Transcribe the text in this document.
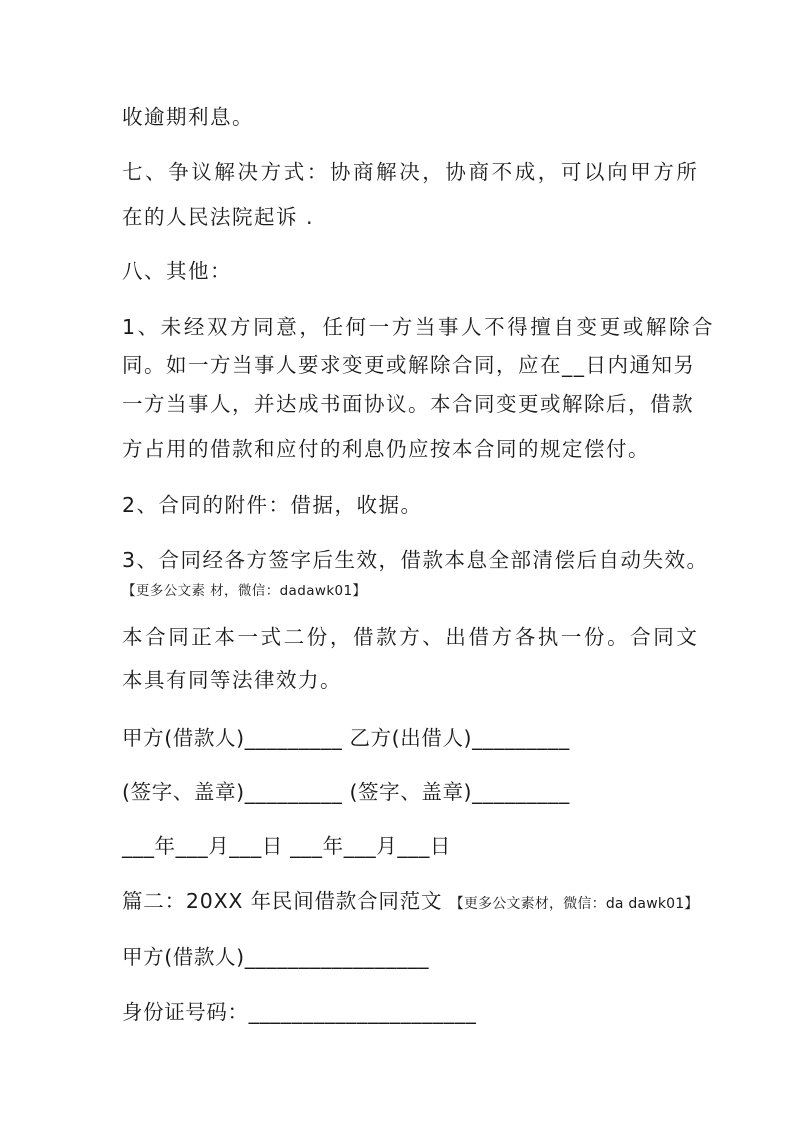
收逾期利息。
七、争议解决方式：协商解决，协商不成，可以向甲方所
在的人民法院起诉 .
八、其他：
1、未经双方同意，任何一方当事人不得擅自变更或解除合
同。如一方当事人要求变更或解除合同，应在__日内通知另
一方当事人，并达成书面协议。本合同变更或解除后，借款
方占用的借款和应付的利息仍应按本合同的规定偿付。
2、合同的附件：借据，收据。
3、合同经各方签字后生效，借款本息全部清偿后自动失效。
【更多公文素 材，微信：dadawk01】
本合同正本一式二份，借款方、出借方各执一份。合同文
本具有同等法律效力。
甲方(借款人)_________ 乙方(出借人)_________
(签字、盖章)_________ (签字、盖章)_________
___年___月___日 ___年___月___日
篇二：20XX 年民间借款合同范文 【更多公文素材，微信：da dawk01】
甲方(借款人)_________________
身份证号码：_____________________
